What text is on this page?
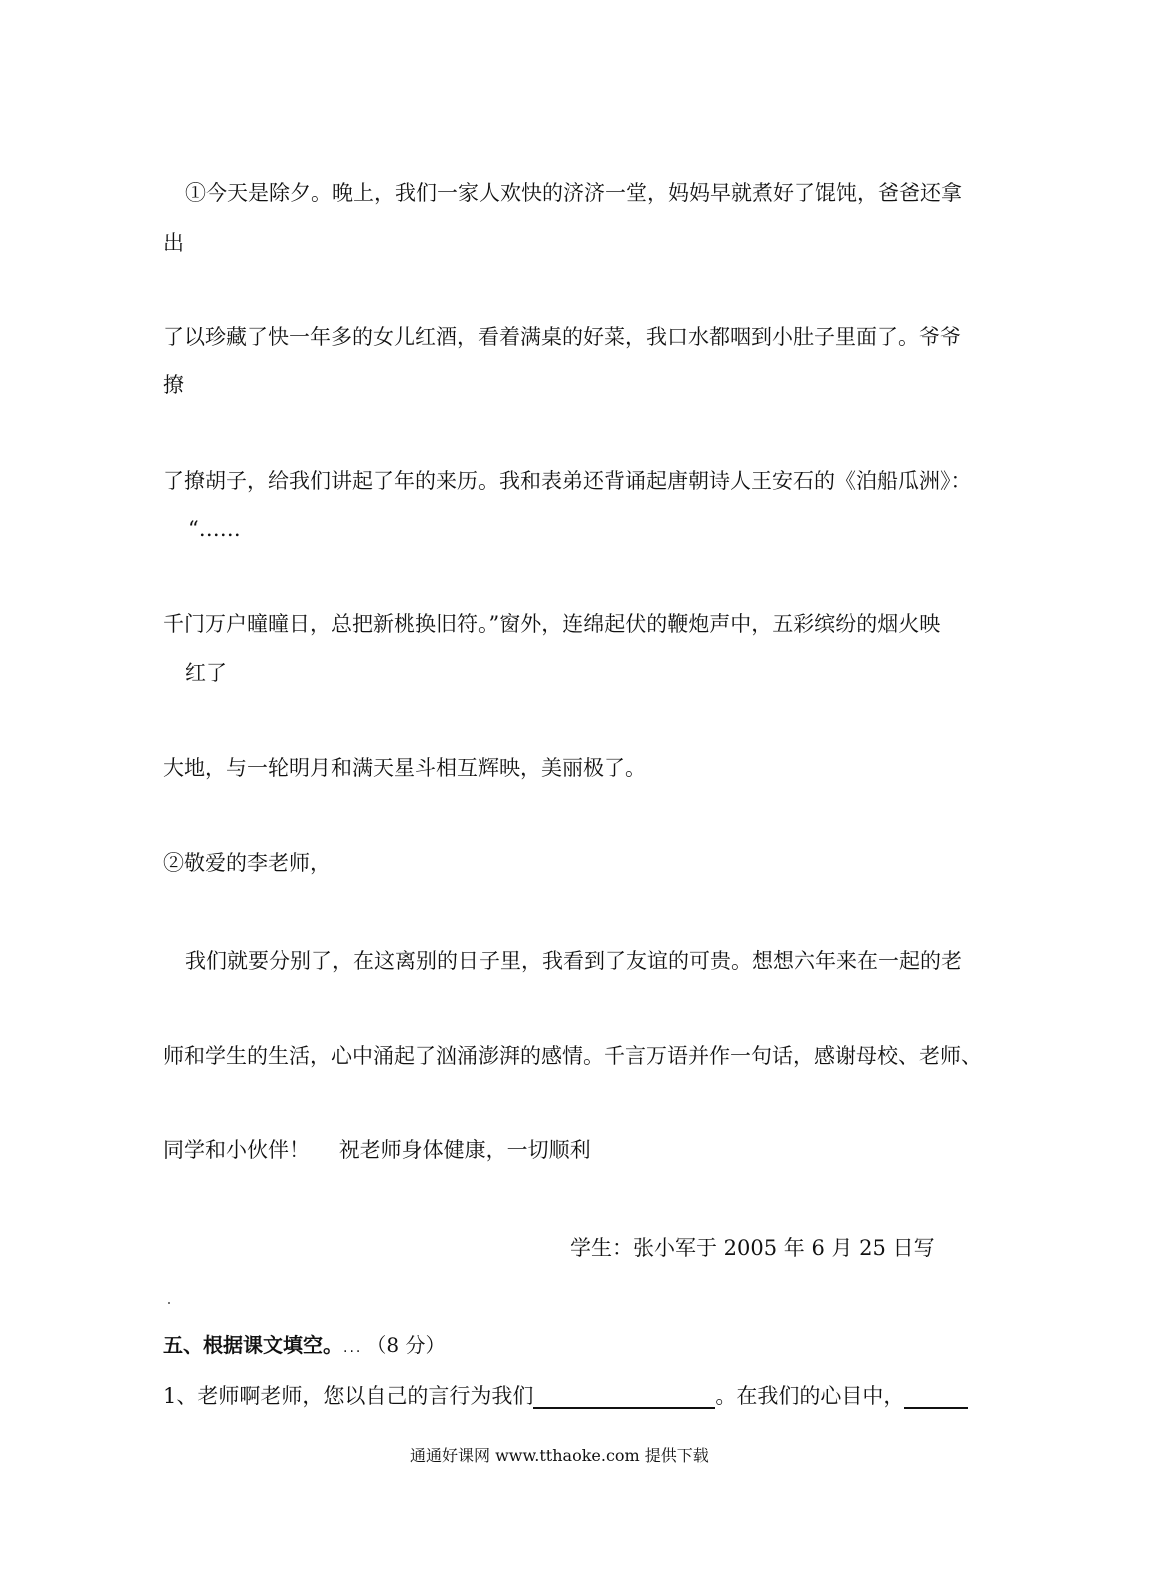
①今天是除夕。晚上，我们一家人欢快的济济一堂，妈妈早就煮好了馄饨，爸爸还拿
出
了以珍藏了快一年多的女儿红酒，看着满桌的好菜，我口水都咽到小肚子里面了。爷爷
撩
了撩胡子，给我们讲起了年的来历。我和表弟还背诵起唐朝诗人王安石的《泊船瓜洲》：
“……
千门万户曈曈日，总把新桃换旧符。”窗外，连绵起伏的鞭炮声中，五彩缤纷的烟火映
红了
大地，与一轮明月和满天星斗相互辉映，美丽极了。
②敬爱的李老师，
我们就要分别了，在这离别的日子里，我看到了友谊的可贵。想想六年来在一起的老
师和学生的生活，心中涌起了汹涌澎湃的感情。千言万语并作一句话，感谢母校、老师、
同学和小伙伴！ 祝老师身体健康，一切顺利
学生：张小军于 2005 年 6 月 25 日写
五、根据课文填空。... （8 分）
1、老师啊老师，您以自己的言行为我们	。在我们的心目中，
通通好课网 www.tthaoke.com 提供下载
